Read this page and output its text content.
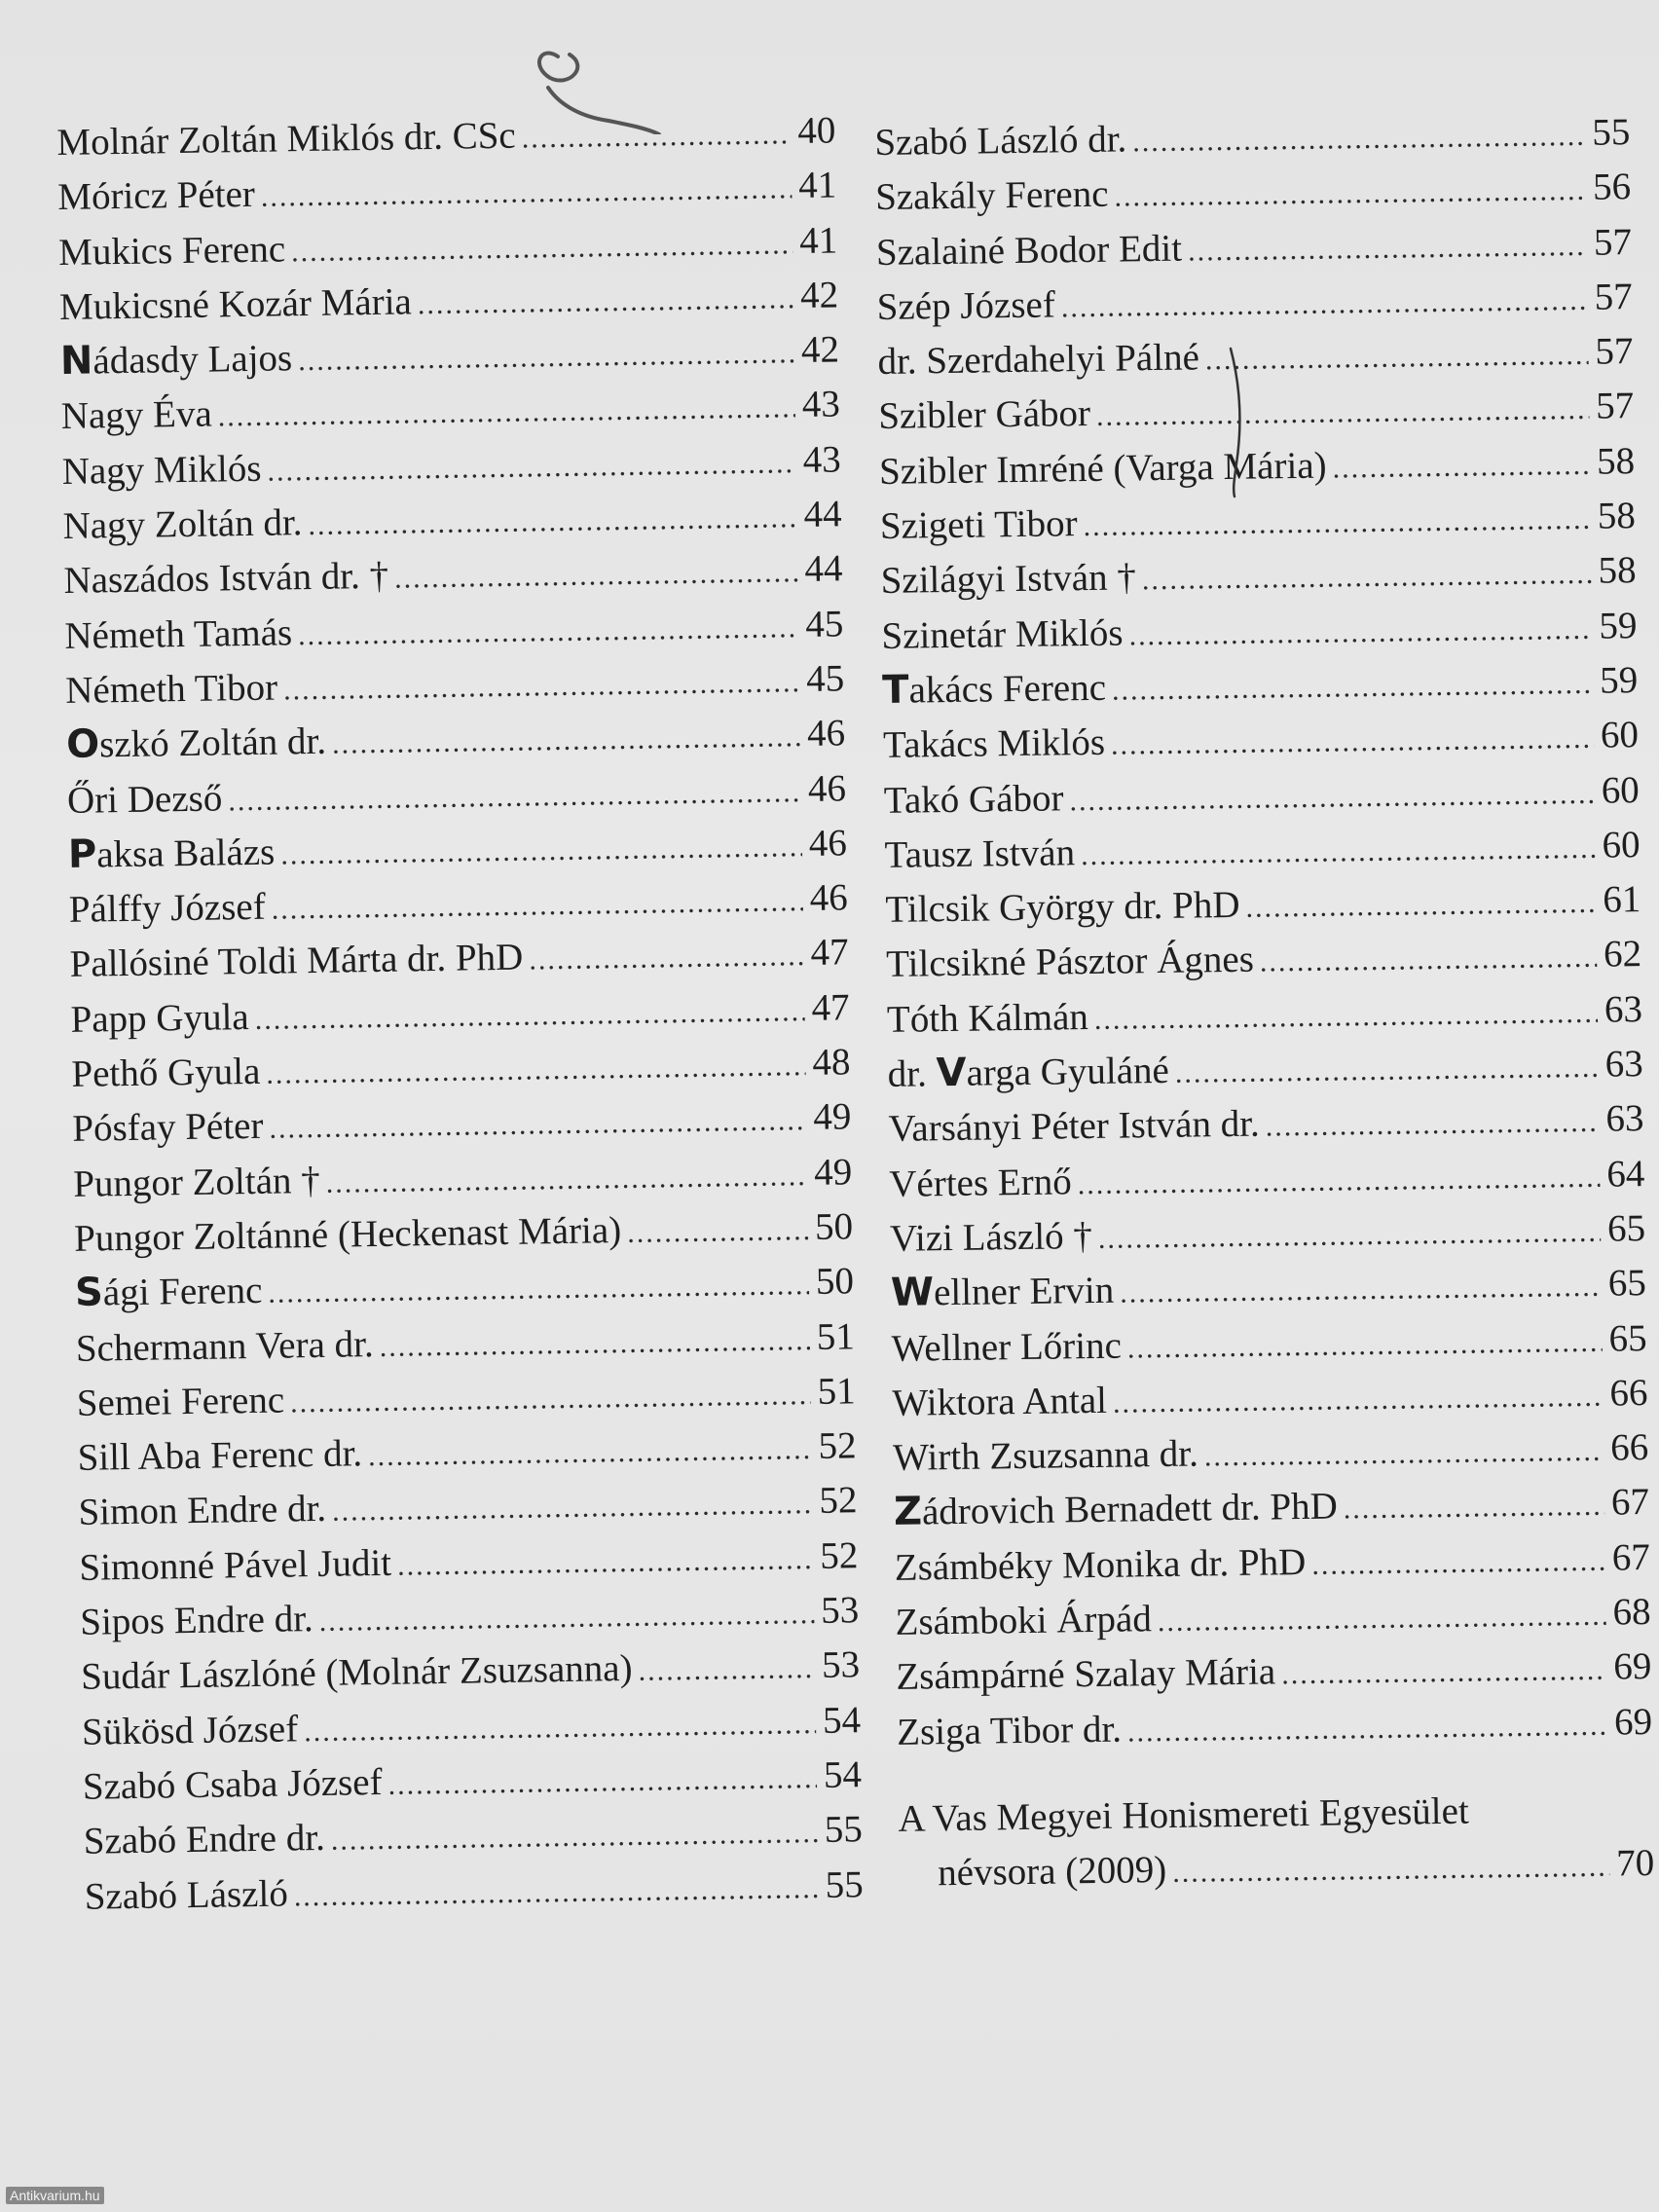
Molnár Zoltán Miklós dr. CSc .....	40
Móricz Péter .....	41
Mukics Ferenc .....	41
Mukicsné Kozár Mária .....	42
Nádasdy Lajos .....	42
Nagy Éva .....	43
Nagy Miklós .....	43
Nagy Zoltán dr. .....	44
Naszádos István dr. † .....	44
Németh Tamás .....	45
Németh Tibor .....	45
Oszkó Zoltán dr. .....	46
Őri Dezső .....	46
Paksa Balázs .....	46
Pálffy József .....	46
Pallósiné Toldi Márta dr. PhD .....	47
Papp Gyula .....	47
Pethő Gyula .....	48
Pósfay Péter .....	49
Pungor Zoltán † .....	49
Pungor Zoltánné (Heckenast Mária) .....	50
Sági Ferenc .....	50
Schermann Vera dr. .....	51
Semei Ferenc .....	51
Sill Aba Ferenc dr. .....	52
Simon Endre dr. .....	52
Simonné Pável Judit .....	52
Sipos Endre dr. .....	53
Sudár Lászlóné (Molnár Zsuzsanna) .....	53
Sükösd József .....	54
Szabó Csaba József .....	54
Szabó Endre dr. .....	55
Szabó László .....	55
Szabó László dr. .....	55
Szakály Ferenc .....	56
Szalainé Bodor Edit .....	57
Szép József .....	57
dr. Szerdahelyi Pálné .....	57
Szibler Gábor .....	57
Szibler Imréné (Varga Mária) .....	58
Szigeti Tibor .....	58
Szilágyi István † .....	58
Szinetár Miklós .....	59
Takács Ferenc .....	59
Takács Miklós .....	60
Takó Gábor .....	60
Tausz István .....	60
Tilcsik György dr. PhD .....	61
Tilcsikné Pásztor Ágnes .....	62
Tóth Kálmán .....	63
dr. Varga Gyuláné .....	63
Varsányi Péter István dr. .....	63
Vértes Ernő .....	64
Vizi László † .....	65
Wellner Ervin .....	65
Wellner Lőrinc .....	65
Wiktora Antal .....	66
Wirth Zsuzsanna dr. .....	66
Zádrovich Bernadett dr. PhD .....	67
Zsámbéky Monika dr. PhD .....	67
Zsámboki Árpád .....	68
Zsámpárné Szalay Mária .....	69
Zsiga Tibor dr. .....	69
A Vas Megyei Honismereti Egyesület
névsora (2009) .....	70
Antikvarium.hu
